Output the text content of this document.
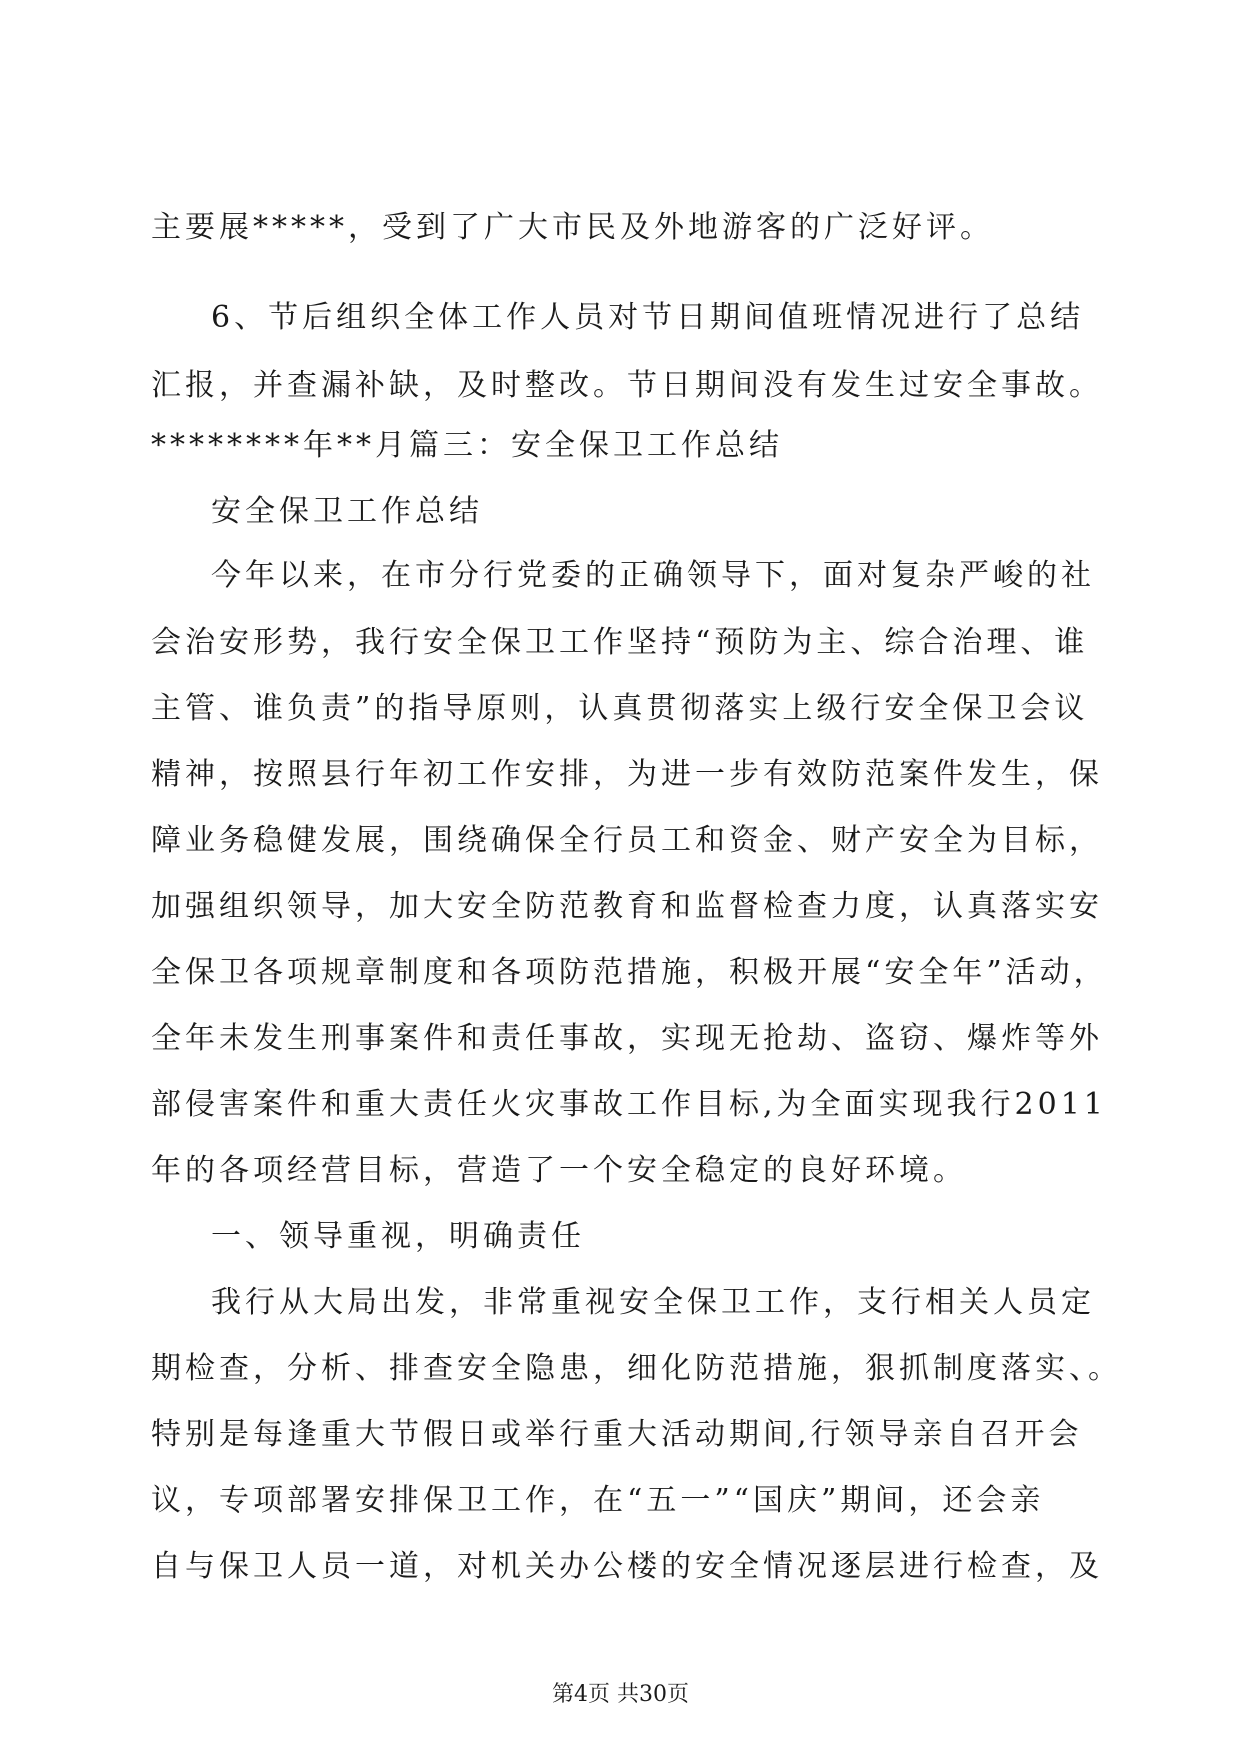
主要展*****，受到了广大市民及外地游客的广泛好评。
6、节后组织全体工作人员对节日期间值班情况进行了总结
汇报，并查漏补缺，及时整改。节日期间没有发生过安全事故。
********年**月篇三：安全保卫工作总结
安全保卫工作总结
今年以来，在市分行党委的正确领导下，面对复杂严峻的社
会治安形势，我行安全保卫工作坚持“预防为主、综合治理、谁
主管、谁负责”的指导原则，认真贯彻落实上级行安全保卫会议
精神，按照县行年初工作安排，为进一步有效防范案件发生，保
障业务稳健发展，围绕确保全行员工和资金、财产安全为目标，
加强组织领导，加大安全防范教育和监督检查力度，认真落实安
全保卫各项规章制度和各项防范措施，积极开展“安全年”活动，
全年未发生刑事案件和责任事故，实现无抢劫、盗窃、爆炸等外
部侵害案件和重大责任火灾事故工作目标,为全面实现我行2011
年的各项经营目标，营造了一个安全稳定的良好环境。
一、领导重视，明确责任
我行从大局出发，非常重视安全保卫工作，支行相关人员定
期检查，分析、排查安全隐患，细化防范措施，狠抓制度落实、。
特别是每逢重大节假日或举行重大活动期间,行领导亲自召开会
议，专项部署安排保卫工作，在“五一”“国庆”期间，还会亲
自与保卫人员一道，对机关办公楼的安全情况逐层进行检查，及
第4页 共30页
